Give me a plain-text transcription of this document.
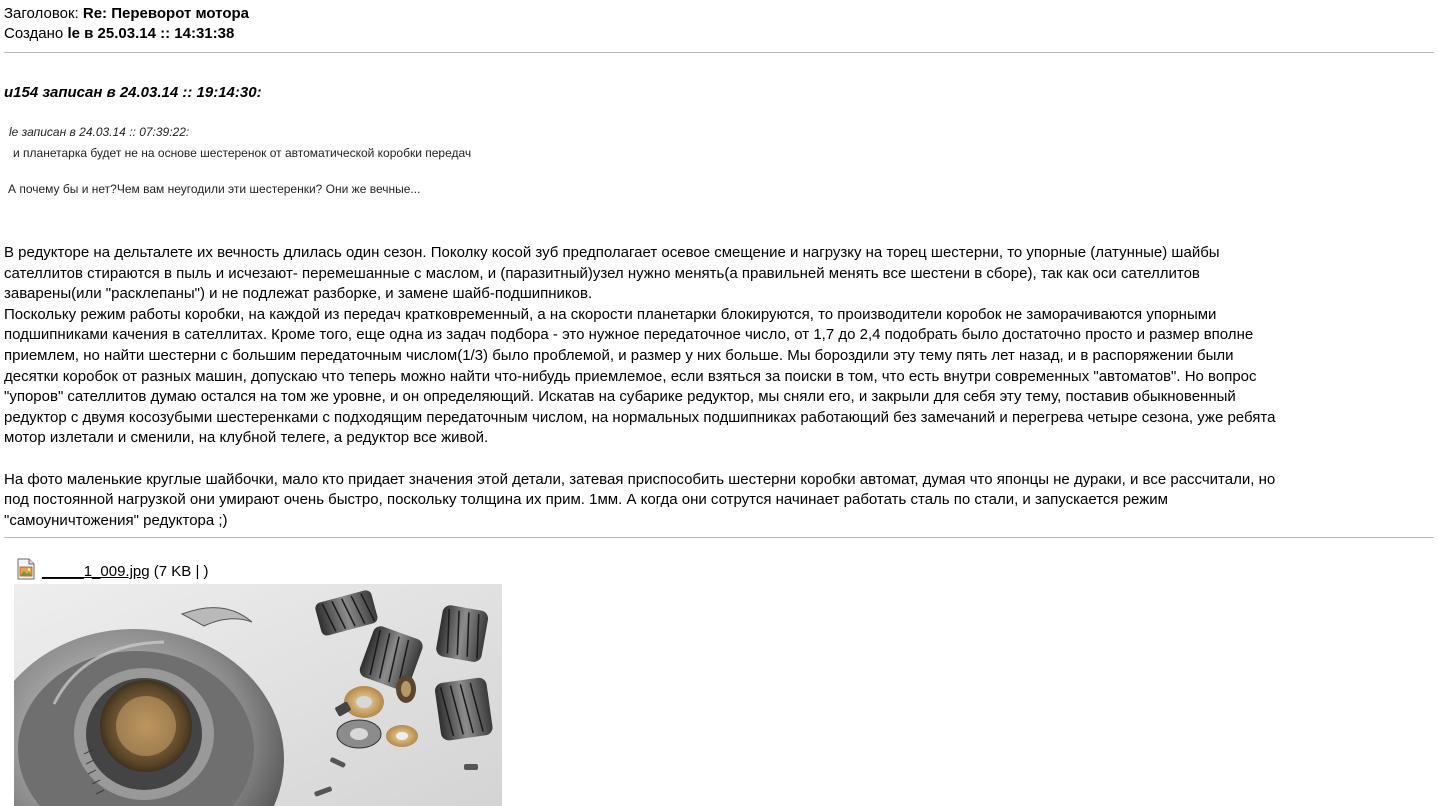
Заголовок: Re: Переворот мотора
Создано le в 25.03.14 :: 14:31:38
u154 записан в 24.03.14 :: 19:14:30:
le записан в 24.03.14 :: 07:39:22:
и планетарка будет не на основе шестеренок от автоматической коробки передач
А почему бы и нет?Чем вам неугодили эти шестеренки? Они же вечные...
В редукторе на дельталете их вечность длилась один сезон. Поколку косой зуб предполагает осевое смещение и нагрузку на торец шестерни, то упорные (латунные) шайбы
сателлитов стираются в пыль и исчезают- перемешанные с маслом, и (паразитный)узел нужно менять(а правильней менять все шестени в сборе), так как оси сателлитов
заварены(или "расклепаны") и не подлежат разборке, и замене шайб-подшипников.
Поскольку режим работы коробки, на каждой из передач кратковременный, а на скорости планетарки блокируются, то производители коробок не заморачиваются упорными
подшипниками качения в сателлитах. Кроме того, еще одна из задач подбора - это нужное передаточное число, от 1,7 до 2,4 подобрать было достаточно просто и размер вполне
приемлем, но найти шестерни с большим передаточным числом(1/3) было проблемой, и размер у них больше. Мы бороздили эту тему пять лет назад, и в распоряжении были
десятки коробок от разных машин, допускаю что теперь можно найти что-нибудь приемлемое, если взяться за поиски в том, что есть внутри современных "автоматов". Но вопрос
"упоров" сателлитов думаю остался на том же уровне, и он определяющий. Искатав на субарике редуктор, мы сняли его, и закрыли для себя эту тему, поставив обыкновенный
редуктор с двумя косозубыми шестеренками с подходящим передаточным числом, на нормальных подшипниках работающий без замечаний и перегрева четыре сезона, уже ребята
мотор излетали и сменили, на клубной телеге, а редуктор все живой.

На фото маленькие круглые шайбочки, мало кто придает значения этой детали, затевая приспособить шестерни коробки автомат, думая что японцы не дураки, и все рассчитали, но
под постоянной нагрузкой они умирают очень быстро, поскольку толщина их прим. 1мм. А когда они сотрутся начинает работать сталь по стали, и запускается режим
"самоуничтожения" редуктора ;)
_____1_009.jpg (7 KB | )
